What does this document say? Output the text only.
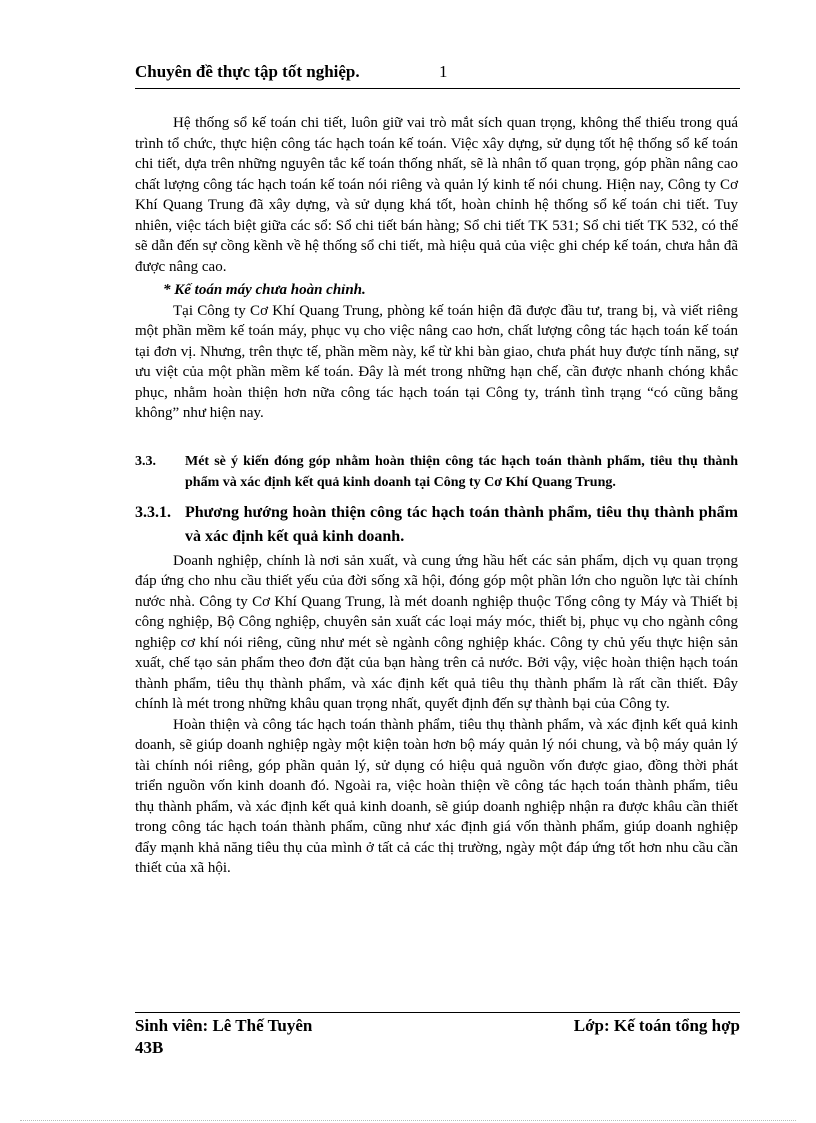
Chuyên đề thực tập tốt nghiệp.	1

Hệ thống sổ kế toán chi tiết, luôn giữ vai trò mắt sích quan trọng, không thể thiếu trong quá trình tổ chức, thực hiện công tác hạch toán kế toán. Việc xây dựng, sử dụng tốt hệ thống sổ kế toán chi tiết, dựa trên những nguyên tắc kế toán thống nhất, sẽ là nhân tố quan trọng, góp phần nâng cao chất lượng công tác hạch toán kế toán nói riêng và quản lý kinh tế nói chung. Hiện nay, Công ty Cơ Khí Quang Trung đã xây dựng, và sử dụng khá tốt, hoàn chỉnh hệ thống sổ kế toán chi tiết. Tuy nhiên, việc tách biệt giữa các sổ: Sổ chi tiết bán hàng; Sổ chi tiết TK 531; Sổ chi tiết TK 532, có thể sẽ dẫn đến sự cồng kềnh về hệ thống sổ chi tiết, mà hiệu quả của việc ghi chép kế toán, chưa hẳn đã được nâng cao.

* Kế toán máy chưa hoàn chỉnh.

Tại Công ty Cơ Khí Quang Trung, phòng kế toán hiện đã được đầu tư, trang bị, và viết riêng một phần mềm kế toán máy, phục vụ cho việc nâng cao hơn, chất lượng công tác hạch toán kế toán tại đơn vị. Nhưng, trên thực tế, phần mềm này, kể từ khi bàn giao, chưa phát huy được tính năng, sự ưu việt của một phần mềm kế toán. Đây là mét trong những hạn chế, cần được nhanh chóng khắc phục, nhằm hoàn thiện hơn nữa công tác hạch toán tại Công ty, tránh tình trạng “có cũng bằng không” như hiện nay.

3.3.	Mét sè ý kiến đóng góp nhằm hoàn thiện công tác hạch toán thành phẩm, tiêu thụ thành phẩm và xác định kết quả kinh doanh tại Công ty Cơ Khí Quang Trung.
3.3.1. Phương hướng hoàn thiện công tác hạch toán thành phẩm, tiêu thụ thành phẩm và xác định kết quả kinh doanh.

Doanh nghiệp, chính là nơi sản xuất, và cung ứng hầu hết các sản phẩm, dịch vụ quan trọng đáp ứng cho nhu cầu thiết yếu của đời sống xã hội, đóng góp một phần lớn cho nguồn lực tài chính nước nhà. Công ty Cơ Khí Quang Trung, là mét doanh nghiệp thuộc Tổng công ty Máy và Thiết bị công nghiệp, Bộ Công nghiệp, chuyên sản xuất các loại máy móc, thiết bị, phục vụ cho ngành công nghiệp cơ khí nói riêng, cũng như mét sè ngành công nghiệp khác. Công ty chủ yếu thực hiện sản xuất, chế tạo sản phẩm theo đơn đặt của bạn hàng trên cả nước. Bởi vậy, việc hoàn thiện hạch toán thành phẩm, tiêu thụ thành phẩm, và xác định kết quả tiêu thụ thành phẩm là rất cần thiết. Đây chính là mét trong những khâu quan trọng nhất, quyết định đến sự thành bại của Công ty.

Hoàn thiện và công tác hạch toán thành phẩm, tiêu thụ thành phẩm, và xác định kết quả kinh doanh, sẽ giúp doanh nghiệp ngày một kiện toàn hơn bộ máy quản lý nói chung, và bộ máy quản lý tài chính nói riêng, góp phần quản lý, sử dụng có hiệu quả nguồn vốn được giao, đồng thời phát triển nguồn vốn kinh doanh đó. Ngoài ra, việc hoàn thiện về công tác hạch toán thành phẩm, tiêu thụ thành phẩm, và xác định kết quả kinh doanh, sẽ giúp doanh nghiệp nhận ra được khâu cần thiết trong công tác hạch toán thành phẩm, cũng như xác định giá vốn thành phẩm, giúp doanh nghiệp đẩy mạnh khả năng tiêu thụ của mình ở tất cả các thị trường, ngày một đáp ứng tốt hơn nhu cầu cần thiết của xã hội.

Sinh viên: Lê Thế Tuyên	Lớp: Kế toán tổng hợp
43B
